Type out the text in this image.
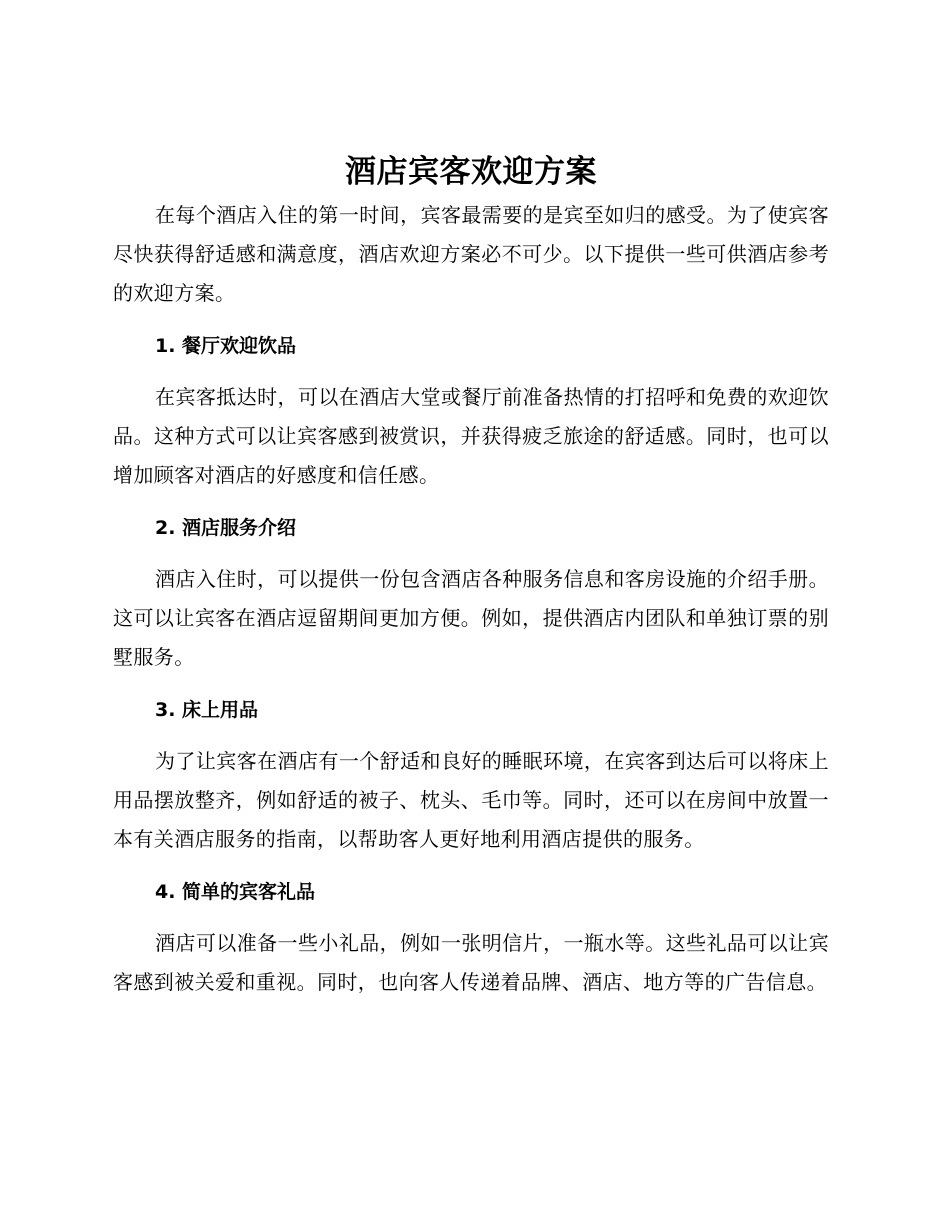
酒店宾客欢迎方案

在每个酒店入住的第一时间，宾客最需要的是宾至如归的感受。为了使宾客尽快获得舒适感和满意度，酒店欢迎方案必不可少。以下提供一些可供酒店参考的欢迎方案。

1. 餐厅欢迎饮品

在宾客抵达时，可以在酒店大堂或餐厅前准备热情的打招呼和免费的欢迎饮品。这种方式可以让宾客感到被赏识，并获得疲乏旅途的舒适感。同时，也可以增加顾客对酒店的好感度和信任感。

2. 酒店服务介绍

酒店入住时，可以提供一份包含酒店各种服务信息和客房设施的介绍手册。这可以让宾客在酒店逗留期间更加方便。例如，提供酒店内团队和单独订票的别墅服务。

3. 床上用品

为了让宾客在酒店有一个舒适和良好的睡眠环境，在宾客到达后可以将床上用品摆放整齐，例如舒适的被子、枕头、毛巾等。同时，还可以在房间中放置一本有关酒店服务的指南，以帮助客人更好地利用酒店提供的服务。

4. 简单的宾客礼品

酒店可以准备一些小礼品，例如一张明信片，一瓶水等。这些礼品可以让宾客感到被关爱和重视。同时，也向客人传递着品牌、酒店、地方等的广告信息。
